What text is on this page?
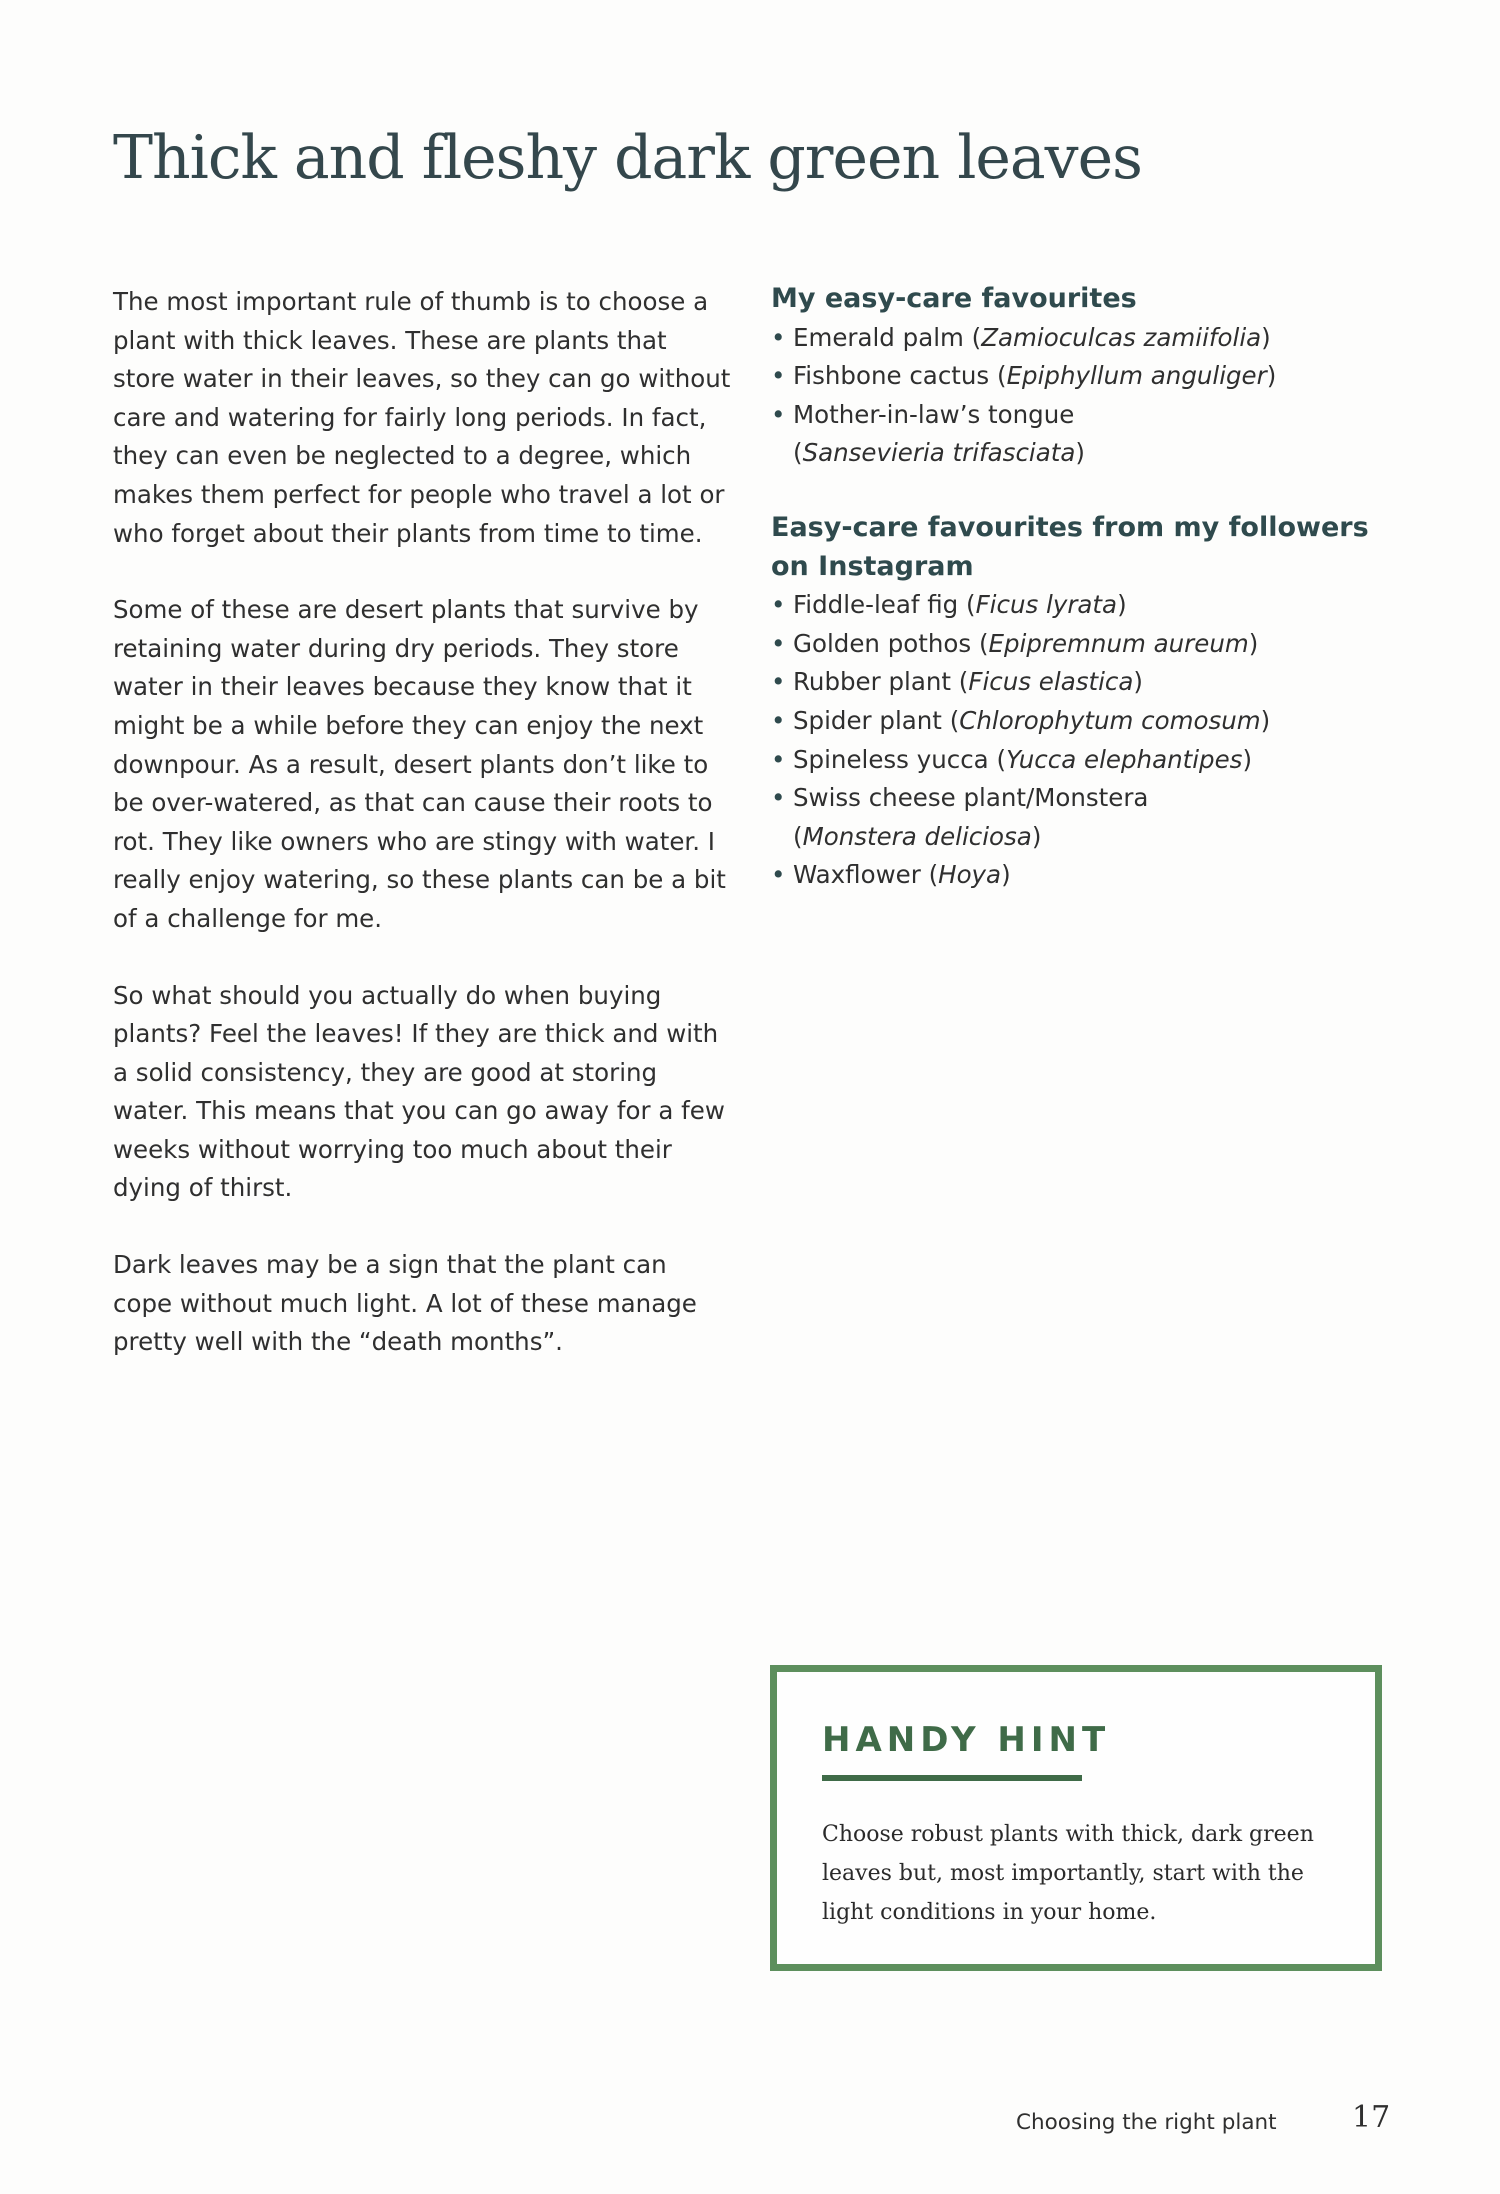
Thick and fleshy dark green leaves

The most important rule of thumb is to choose a plant with thick leaves. These are plants that store water in their leaves, so they can go without care and watering for fairly long periods. In fact, they can even be neglected to a degree, which makes them perfect for people who travel a lot or who forget about their plants from time to time.

Some of these are desert plants that survive by retaining water during dry periods. They store water in their leaves because they know that it might be a while before they can enjoy the next downpour. As a result, desert plants don’t like to be over-watered, as that can cause their roots to rot. They like owners who are stingy with water. I really enjoy watering, so these plants can be a bit of a challenge for me.

So what should you actually do when buying plants? Feel the leaves! If they are thick and with a solid consistency, they are good at storing water. This means that you can go away for a few weeks without worrying too much about their dying of thirst.

Dark leaves may be a sign that the plant can cope without much light. A lot of these manage pretty well with the “death months”.

My easy-care favourites
• Emerald palm (Zamioculcas zamiifolia)
• Fishbone cactus (Epiphyllum anguliger)
• Mother-in-law’s tongue
(Sansevieria trifasciata)
Easy-care favourites from my followers on Instagram
• Fiddle-leaf fig (Ficus lyrata)
• Golden pothos (Epipremnum aureum)
• Rubber plant (Ficus elastica)
• Spider plant (Chlorophytum comosum)
• Spineless yucca (Yucca elephantipes)
• Swiss cheese plant/Monstera
(Monstera deliciosa)
• Waxflower (Hoya)
HANDY HINT

Choose robust plants with thick, dark green leaves but, most importantly, start with the light conditions in your home.

Choosing the right plant	17
